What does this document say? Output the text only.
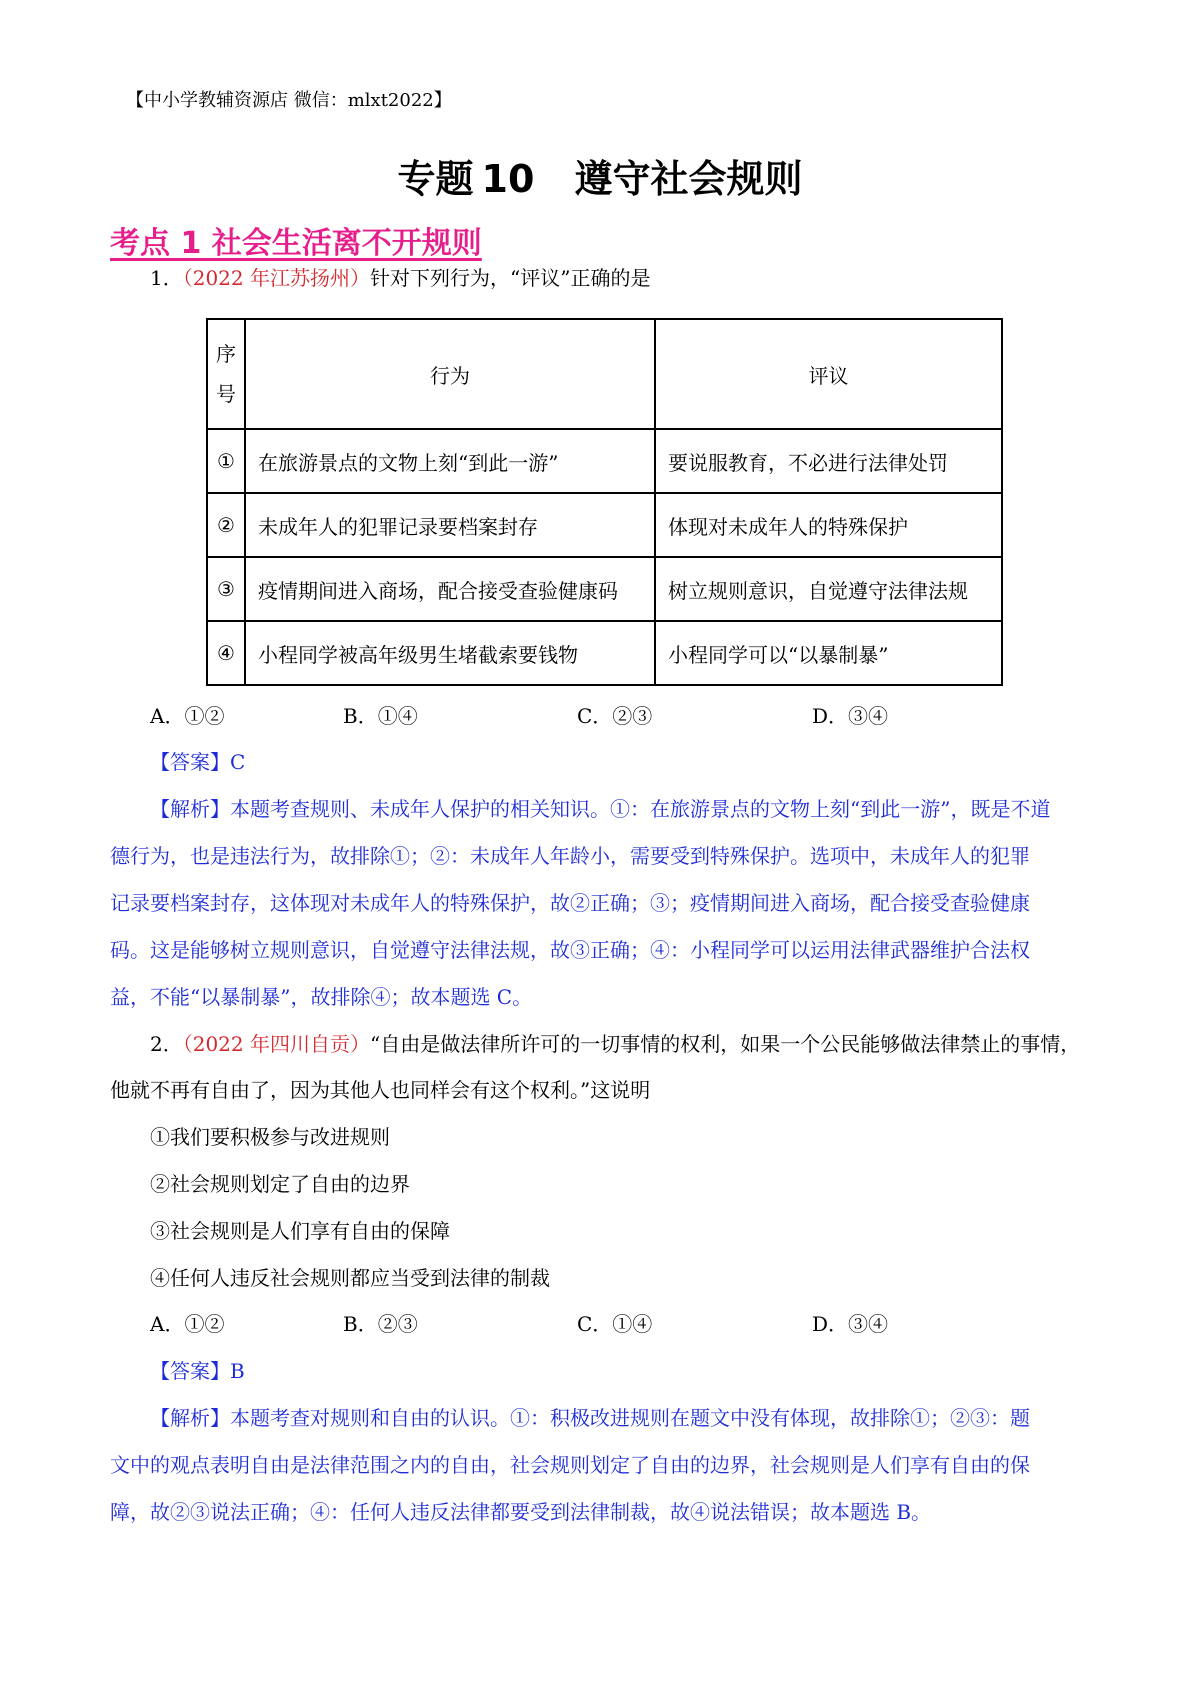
【中小学教辅资源店 微信：mlxt2022】
专题 10 遵守社会规则
考点 1 社会生活离不开规则
1．（2022 年江苏扬州）针对下列行为，“评议”正确的是
序
号	行为	评议
①	在旅游景点的文物上刻“到此一游”	要说服教育，不必进行法律处罚
②	未成年人的犯罪记录要档案封存	体现对未成年人的特殊保护
③	疫情期间进入商场，配合接受查验健康码	树立规则意识，自觉遵守法律法规
④	小程同学被高年级男生堵截索要钱物	小程同学可以“以暴制暴”
A．①②	B．①④	C．②③	D．③④
【答案】C
【解析】本题考查规则、未成年人保护的相关知识。①：在旅游景点的文物上刻“到此一游”，既是不道
德行为，也是违法行为，故排除①；②：未成年人年龄小，需要受到特殊保护。选项中，未成年人的犯罪
记录要档案封存，这体现对未成年人的特殊保护，故②正确；③；疫情期间进入商场，配合接受查验健康
码。这是能够树立规则意识，自觉遵守法律法规，故③正确；④：小程同学可以运用法律武器维护合法权
益，不能“以暴制暴”，故排除④；故本题选 C。
2．（2022 年四川自贡）“自由是做法律所许可的一切事情的权利，如果一个公民能够做法律禁止的事情，
他就不再有自由了，因为其他人也同样会有这个权利。”这说明
①我们要积极参与改进规则
②社会规则划定了自由的边界
③社会规则是人们享有自由的保障
④任何人违反社会规则都应当受到法律的制裁
A．①②	B．②③	C．①④	D．③④
【答案】B
【解析】本题考查对规则和自由的认识。①：积极改进规则在题文中没有体现，故排除①；②③：题
文中的观点表明自由是法律范围之内的自由，社会规则划定了自由的边界，社会规则是人们享有自由的保
障，故②③说法正确；④：任何人违反法律都要受到法律制裁，故④说法错误；故本题选 B。
